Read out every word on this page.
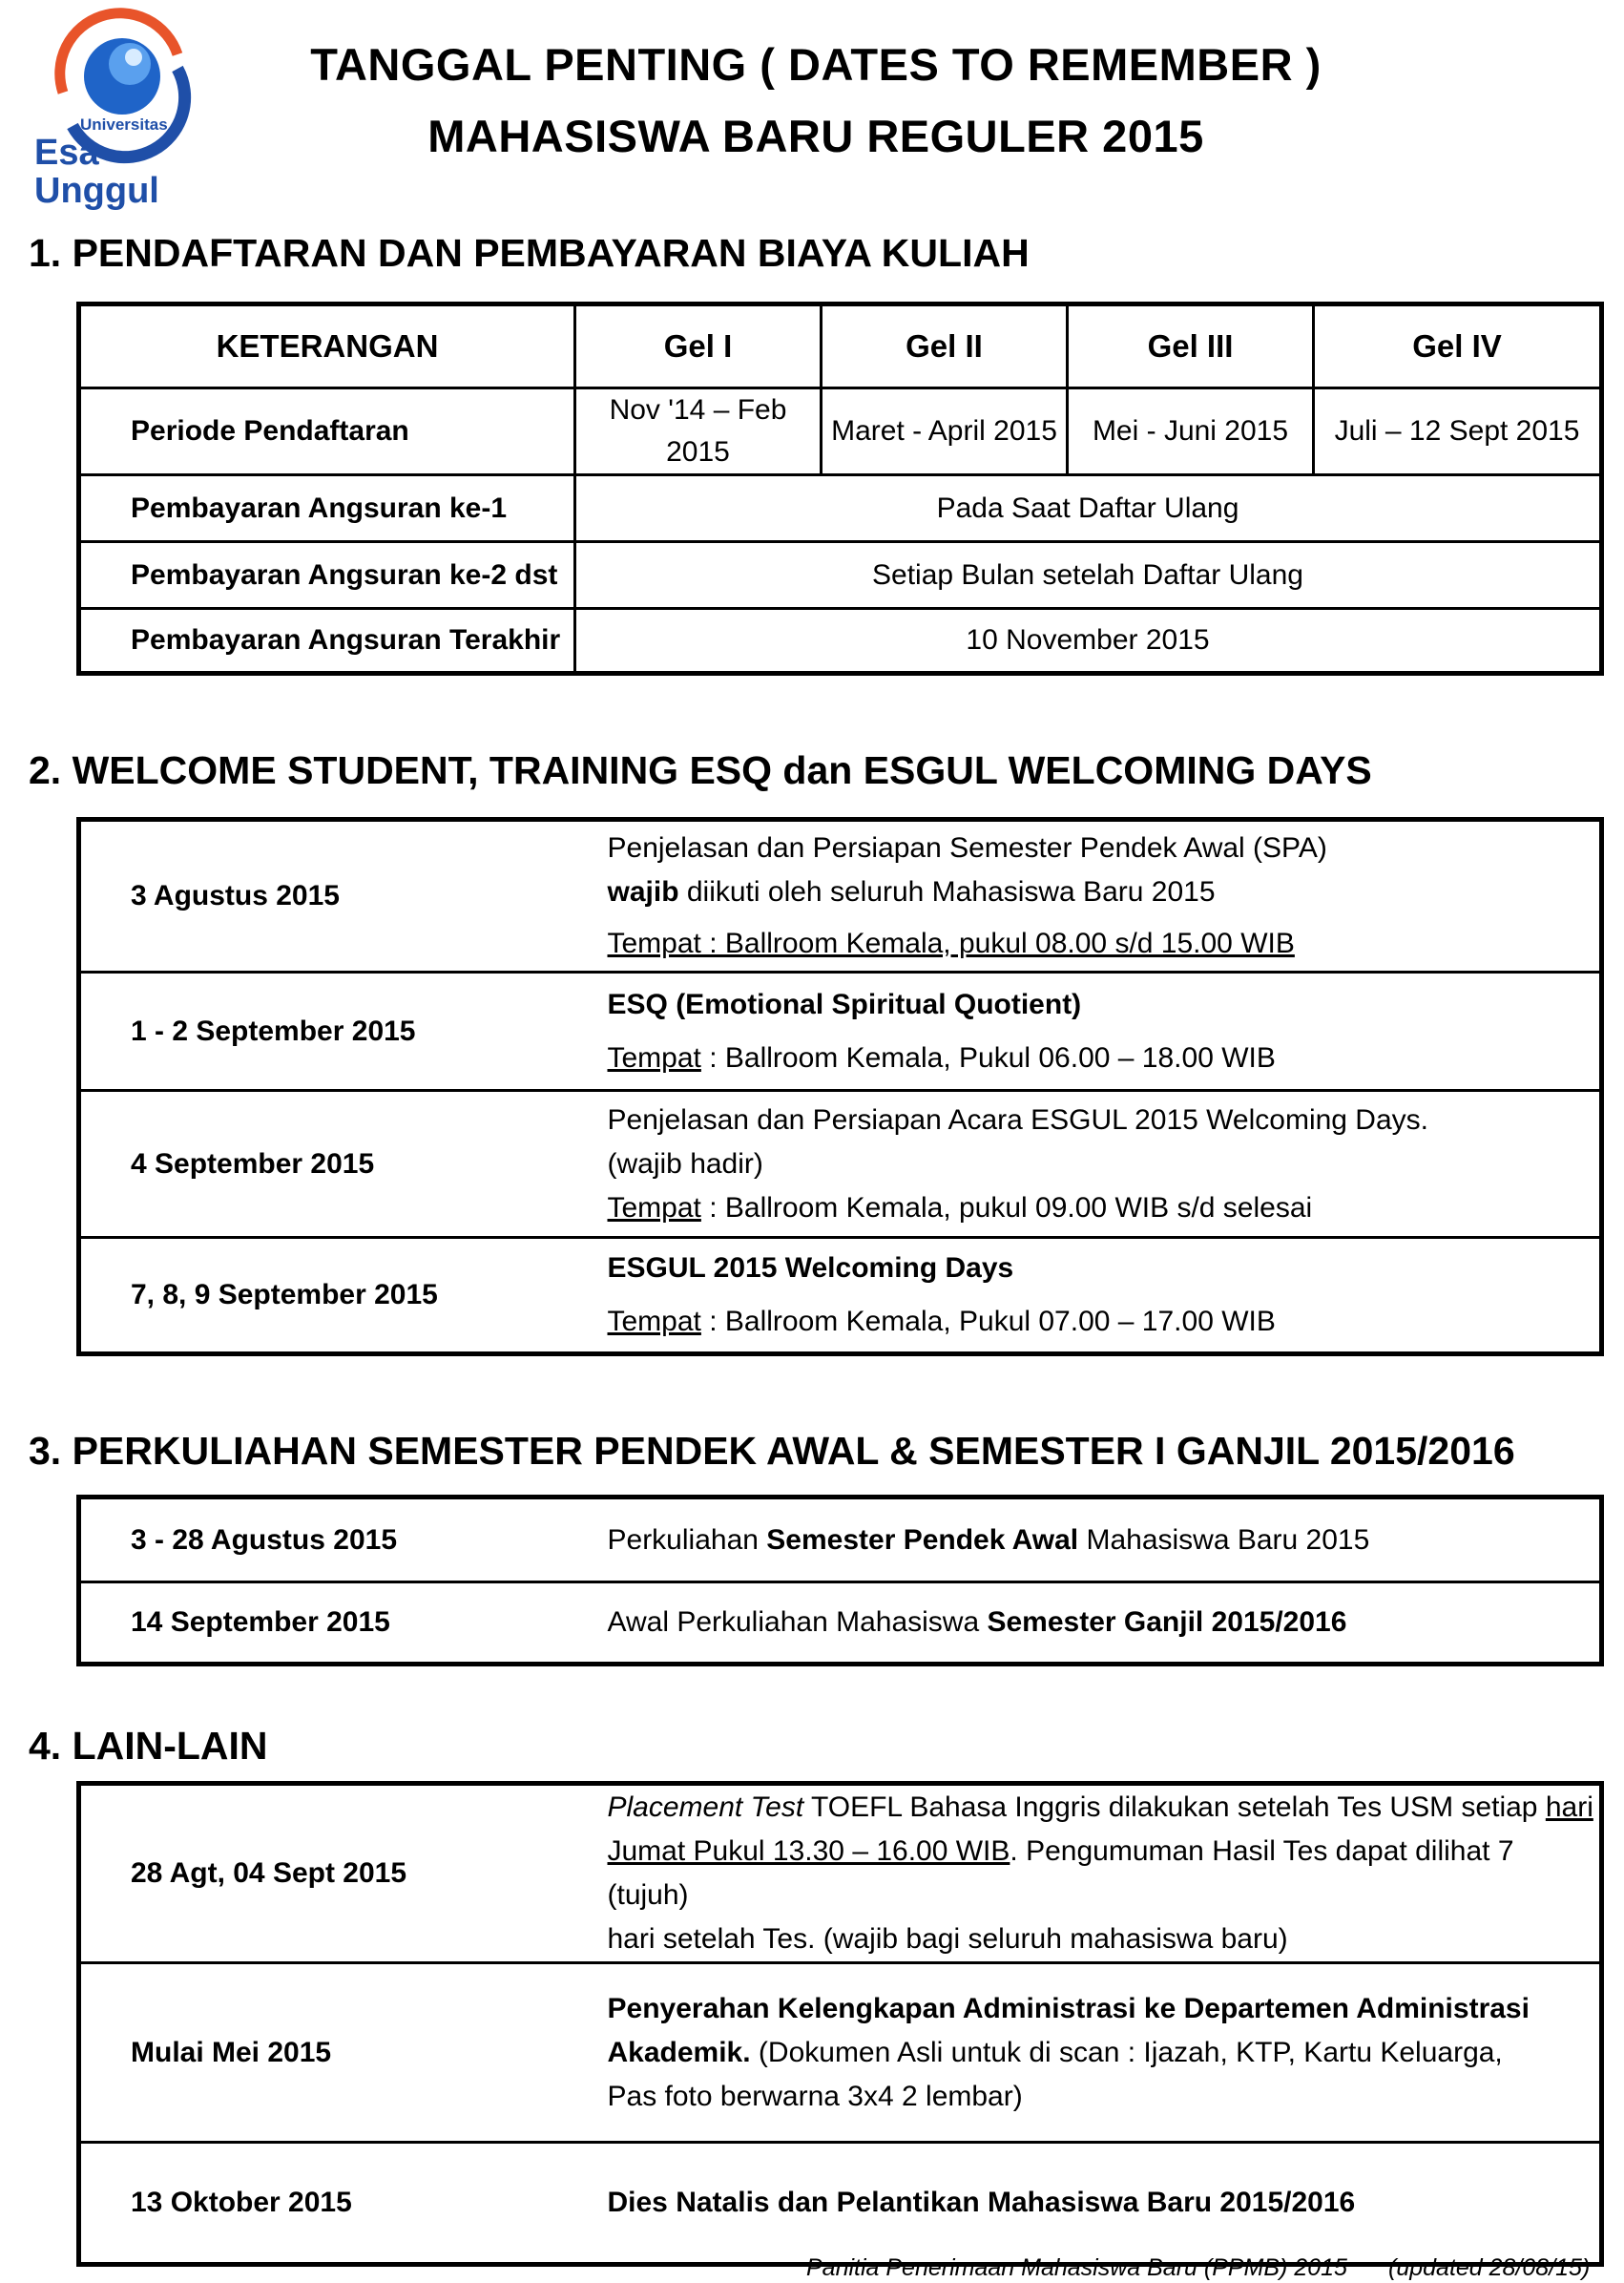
Universitas
Esa Unggul
TANGGAL PENTING ( DATES TO REMEMBER )
MAHASISWA BARU REGULER 2015
1. PENDAFTARAN DAN PEMBAYARAN BIAYA KULIAH
KETERANGAN	Gel I	Gel II	Gel III	Gel IV
Periode Pendaftaran	Nov '14 – Feb 2015	Maret - April 2015	Mei - Juni 2015	Juli – 12 Sept 2015
Pembayaran Angsuran ke-1	Pada Saat Daftar Ulang			
Pembayaran Angsuran ke-2 dst	Setiap Bulan setelah Daftar Ulang			
Pembayaran Angsuran Terakhir	10 November 2015			
2. WELCOME STUDENT, TRAINING ESQ dan ESGUL WELCOMING DAYS
3 Agustus 2015	Penjelasan dan Persiapan Semester Pendek Awal (SPA)
wajib diikuti oleh seluruh Mahasiswa Baru 2015
Tempat : Ballroom Kemala, pukul 08.00 s/d 15.00 WIB

1 - 2 September 2015	ESQ (Emotional Spiritual Quotient)
Tempat : Ballroom Kemala, Pukul 06.00 – 18.00 WIB

4 September 2015	Penjelasan dan Persiapan Acara ESGUL 2015 Welcoming Days.
(wajib hadir)
Tempat : Ballroom Kemala, pukul 09.00 WIB s/d selesai

7, 8, 9 September 2015	ESGUL 2015 Welcoming Days
Tempat : Ballroom Kemala, Pukul 07.00 – 17.00 WIB
3. PERKULIAHAN SEMESTER PENDEK AWAL & SEMESTER I GANJIL 2015/2016
3 - 28 Agustus 2015	Perkuliahan Semester Pendek Awal Mahasiswa Baru 2015
14 September 2015	Awal Perkuliahan Mahasiswa Semester Ganjil 2015/2016
4. LAIN-LAIN
28 Agt, 04 Sept 2015	Placement Test TOEFL Bahasa Inggris dilakukan setelah Tes USM setiap hari
Jumat Pukul 13.30 – 16.00 WIB. Pengumuman Hasil Tes dapat dilihat 7 (tujuh)
hari setelah Tes. (wajib bagi seluruh mahasiswa baru)

Mulai Mei 2015	Penyerahan Kelengkapan Administrasi ke Departemen Administrasi
Akademik. (Dokumen Asli untuk di scan : Ijazah, KTP, Kartu Keluarga,
Pas foto berwarna 3x4 2 lembar)

13 Oktober 2015	Dies Natalis dan Pelantikan Mahasiswa Baru 2015/2016
Panitia Penerimaan Mahasiswa Baru (PPMB) 2015 (updated 28/08/15)
